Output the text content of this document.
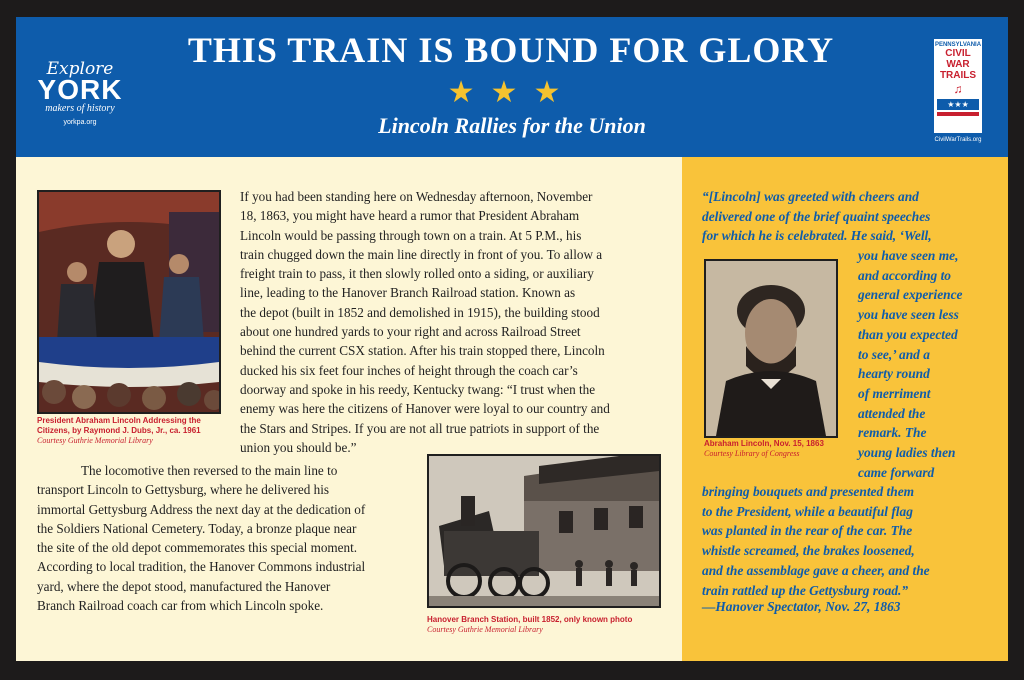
Explore
YORK
makers of history
yorkpa.org
THIS TRAIN IS BOUND FOR GLORY
★★★
Lincoln Rallies for the Union
PENNSYLVANIA
CIVIL WAR
TRAILS
♫
★★★
CivilWarTrails.org
President Abraham Lincoln Addressing the Citizens, by Raymond J. Dubs, Jr., ca. 1961
Courtesy Guthrie Memorial Library
If you had been standing here on Wednesday afternoon, November
18, 1863, you might have heard a rumor that President Abraham
Lincoln would be passing through town on a train. At 5 P.M., his
train chugged down the main line directly in front of you. To allow a
freight train to pass, it then slowly rolled onto a siding, or auxiliary
line, leading to the Hanover Branch Railroad station. Known as
the depot (built in 1852 and demolished in 1915), the building stood
about one hundred yards to your right and across Railroad Street
behind the current CSX station. After his train stopped there, Lincoln
ducked his six feet four inches of height through the coach car’s
doorway and spoke in his reedy, Kentucky twang: “I trust when the
enemy was here the citizens of Hanover were loyal to our country and
the Stars and Stripes. If you are not all true patriots in support of the
union you should be.”
The locomotive then reversed to the main line to
transport Lincoln to Gettysburg, where he delivered his
immortal Gettysburg Address the next day at the dedication of
the Soldiers National Cemetery. Today, a bronze plaque near
the site of the old depot commemorates this special moment.
According to local tradition, the Hanover Commons industrial
yard, where the depot stood, manufactured the Hanover
Branch Railroad coach car from which Lincoln spoke.
Hanover Branch Station, built 1852, only known photo
Courtesy Guthrie Memorial Library
“[Lincoln] was greeted with cheers and
delivered one of the brief quaint speeches
for which he is celebrated. He said, ‘Well,
Abraham Lincoln, Nov. 15, 1863
Courtesy Library of Congress
you have seen me,
and according to
general experience
you have seen less
than you expected
to see,’ and a
hearty round
of merriment
attended the
remark. The
young ladies then
came forward
bringing bouquets and presented them
to the President, while a beautiful flag
was planted in the rear of the car. The
whistle screamed, the brakes loosened,
and the assemblage gave a cheer, and the
train rattled up the Gettysburg road.”
—Hanover Spectator, Nov. 27, 1863
